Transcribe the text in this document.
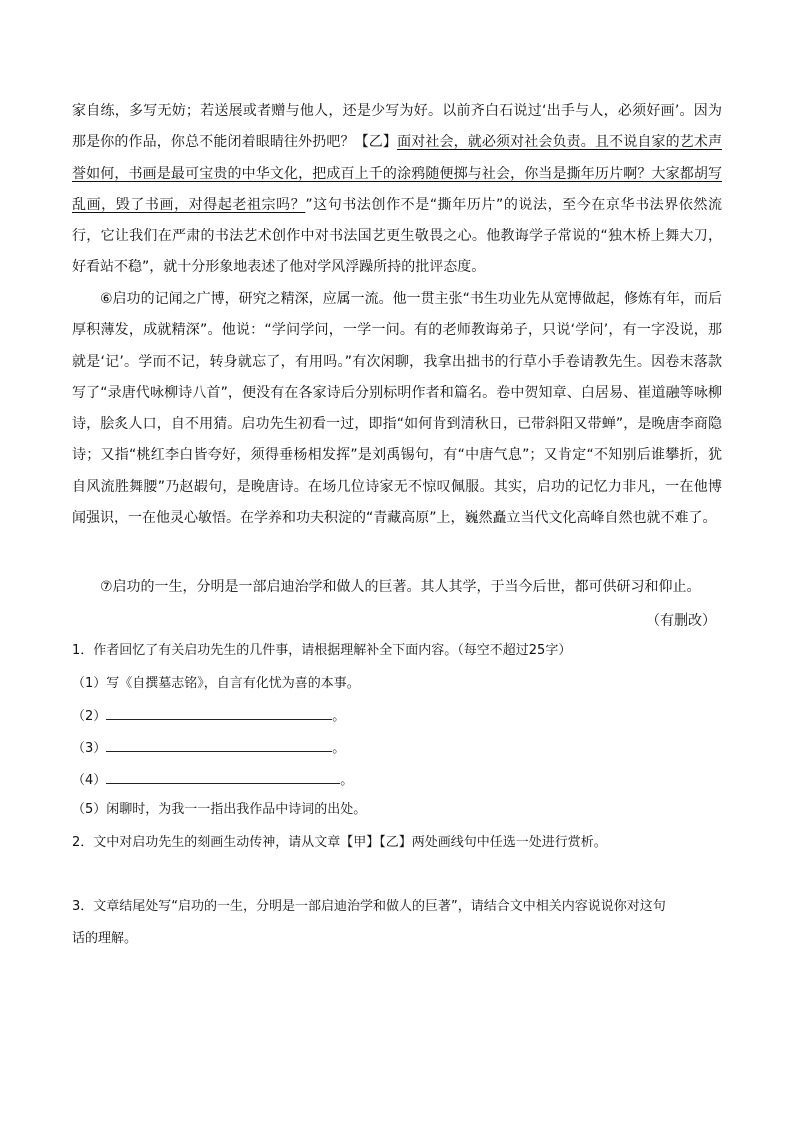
家自练，多写无妨；若送展或者赠与他人，还是少写为好。以前齐白石说过‘出手与人，必须好画’。因为那是你的作品，你总不能闭着眼睛往外扔吧？【乙】面对社会，就必须对社会负责。且不说自家的艺术声誉如何，书画是最可宝贵的中华文化，把成百上千的涂鸦随便掷与社会，你当是撕年历片啊？大家都胡写乱画，毁了书画，对得起老祖宗吗？”这句书法创作不是“撕年历片”的说法，至今在京华书法界依然流行，它让我们在严肃的书法艺术创作中对书法国艺更生敬畏之心。他教诲学子常说的“独木桥上舞大刀，好看站不稳”，就十分形象地表述了他对学风浮躁所持的批评态度。
⑥启功的记闻之广博，研究之精深，应属一流。他一贯主张“书生功业先从宽博做起，修炼有年，而后厚积薄发，成就精深”。他说：“学问学问，一学一问。有的老师教诲弟子，只说‘学问’，有一字没说，那就是‘记’。学而不记，转身就忘了，有用吗。”有次闲聊，我拿出拙书的行草小手卷请教先生。因卷末落款写了“录唐代咏柳诗八首”，便没有在各家诗后分别标明作者和篇名。卷中贺知章、白居易、崔道融等咏柳诗，脍炙人口，自不用猜。启功先生初看一过，即指“如何肯到清秋日，已带斜阳又带蝉”，是晚唐李商隐诗；又指“桃红李白皆夸好，须得垂杨相发挥”是刘禹锡句，有“中唐气息”；又肯定“不知别后谁攀折，犹自风流胜舞腰”乃赵嘏句，是晚唐诗。在场几位诗家无不惊叹佩服。其实，启功的记忆力非凡，一在他博闻强识，一在他灵心敏悟。在学养和功夫积淀的“青藏高原”上，巍然矗立当代文化高峰自然也就不难了。
⑦启功的一生，分明是一部启迪治学和做人的巨著。其人其学，于当今后世，都可供研习和仰止。
（有删改）
1．作者回忆了有关启功先生的几件事，请根据理解补全下面内容。（每空不超过25字）
（1）写《自撰墓志铭》，自言有化忧为喜的本事。
（2）	。
（3）	。
（4）	。
（5）闲聊时，为我一一指出我作品中诗词的出处。
2．文中对启功先生的刻画生动传神，请从文章【甲】【乙】两处画线句中任选一处进行赏析。
3．文章结尾处写“启功的一生，分明是一部启迪治学和做人的巨著”，请结合文中相关内容说说你对这句
话的理解。
